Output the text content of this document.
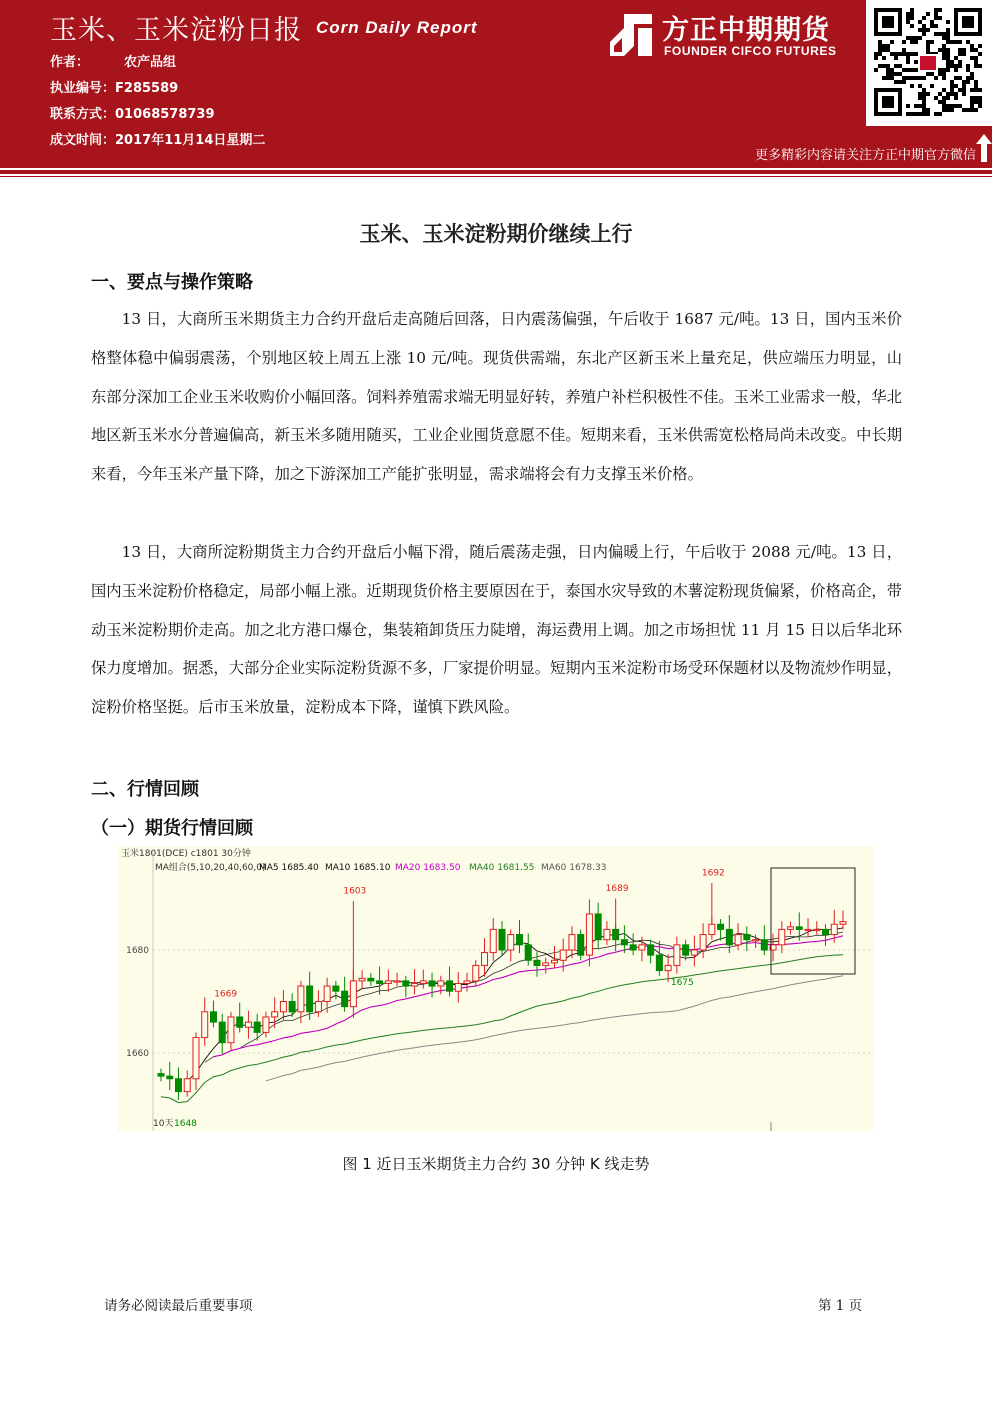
玉米、玉米淀粉日报 Corn Daily Report
作者：	农产品组
执业编号：F285589
联系方式：01068578739
成文时间：2017年11月14日星期二
方正中期期货
FOUNDER CIFCO FUTURES
更多精彩内容请关注方正中期官方微信
玉米、玉米淀粉期价继续上行
一、要点与操作策略

13 日，大商所玉米期货主力合约开盘后走高随后回落，日内震荡偏强，午后收于 1687 元/吨。13 日，国内玉米价格整体稳中偏弱震荡，个别地区较上周五上涨 10 元/吨。现货供需端，东北产区新玉米上量充足，供应端压力明显，山东部分深加工企业玉米收购价小幅回落。饲料养殖需求端无明显好转，养殖户补栏积极性不佳。玉米工业需求一般，华北地区新玉米水分普遍偏高，新玉米多随用随买，工业企业囤货意愿不佳。短期来看，玉米供需宽松格局尚未改变。中长期来看，今年玉米产量下降，加之下游深加工产能扩张明显，需求端将会有力支撑玉米价格。

13 日，大商所淀粉期货主力合约开盘后小幅下滑，随后震荡走强，日内偏暖上行，午后收于 2088 元/吨。13 日，国内玉米淀粉价格稳定，局部小幅上涨。近期现货价格主要原因在于，泰国水灾导致的木薯淀粉现货偏紧，价格高企，带动玉米淀粉期价走高。加之北方港口爆仓，集装箱卸货压力陡增，海运费用上调。加之市场担忧 11 月 15 日以后华北环保力度增加。据悉，大部分企业实际淀粉货源不多，厂家提价明显。短期内玉米淀粉市场受环保题材以及物流炒作明显，淀粉价格坚挺。后市玉米放量，淀粉成本下降，谨慎下跌风险。

二、行情回顾
（一）期货行情回顾
玉米1801(DCE) c1801 30分钟
MA组合(5,10,20,40,60,0)
MA5 1685.40 MA10 1685.10 MA20 1683.50 MA40 1681.55 MA60 1678.33
1680
1660
1669
1603	1689
1692
1675
1648
10天
图 1 近日玉米期货主力合约 30 分钟 K 线走势
请务必阅读最后重要事项	第 1 页
